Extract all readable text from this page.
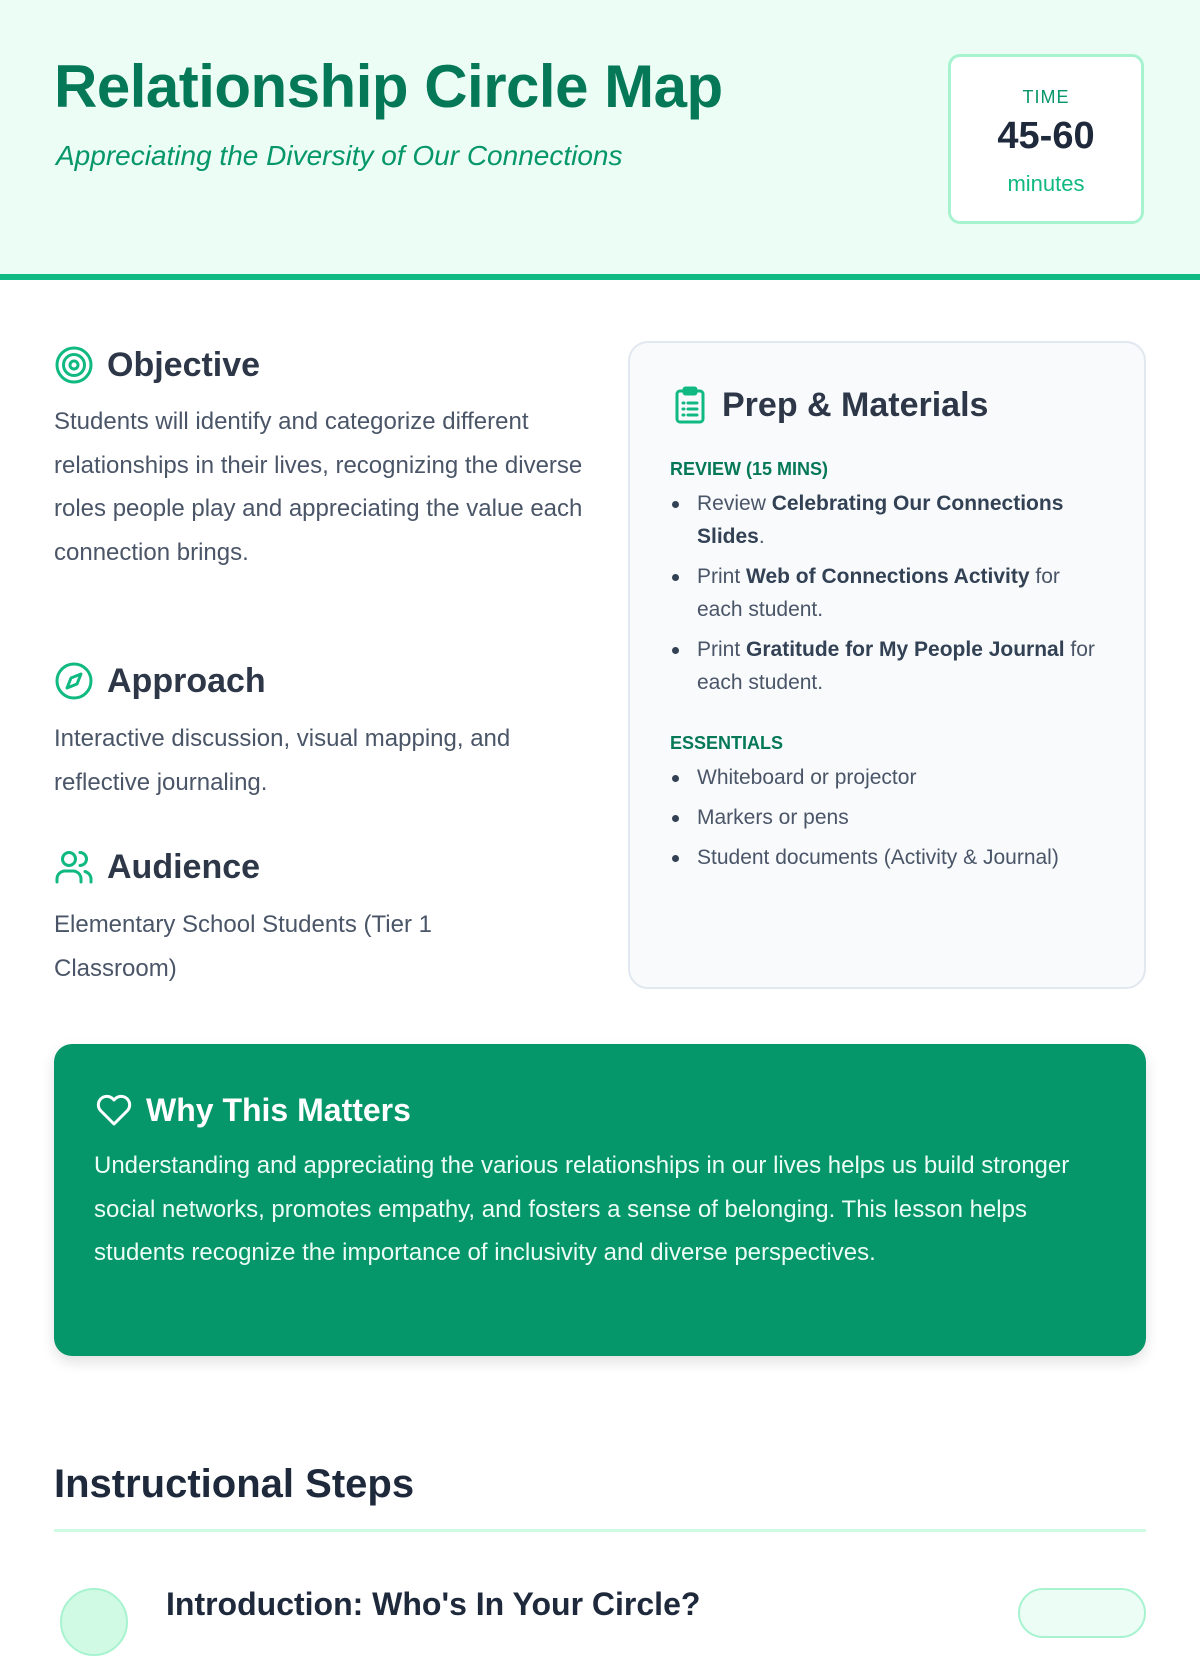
Relationship Circle Map

Appreciating the Diversity of Our Connections

TIME
45-60
minutes
Objective

Students will identify and categorize different relationships in their lives, recognizing the diverse roles people play and appreciating the value each connection brings.

Approach

Interactive discussion, visual mapping, and reflective journaling.

Audience

Elementary School Students (Tier 1 Classroom)

Prep & Materials
REVIEW (15 MINS)
Review Celebrating Our Connections Slides.
Print Web of Connections Activity for each student.
Print Gratitude for My People Journal for each student.
ESSENTIALS
Whiteboard or projector
Markers or pens
Student documents (Activity & Journal)
Why This Matters

Understanding and appreciating the various relationships in our lives helps us build stronger social networks, promotes empathy, and fosters a sense of belonging. This lesson helps students recognize the importance of inclusivity and diverse perspectives.

Instructional Steps
Introduction: Who's In Your Circle?
